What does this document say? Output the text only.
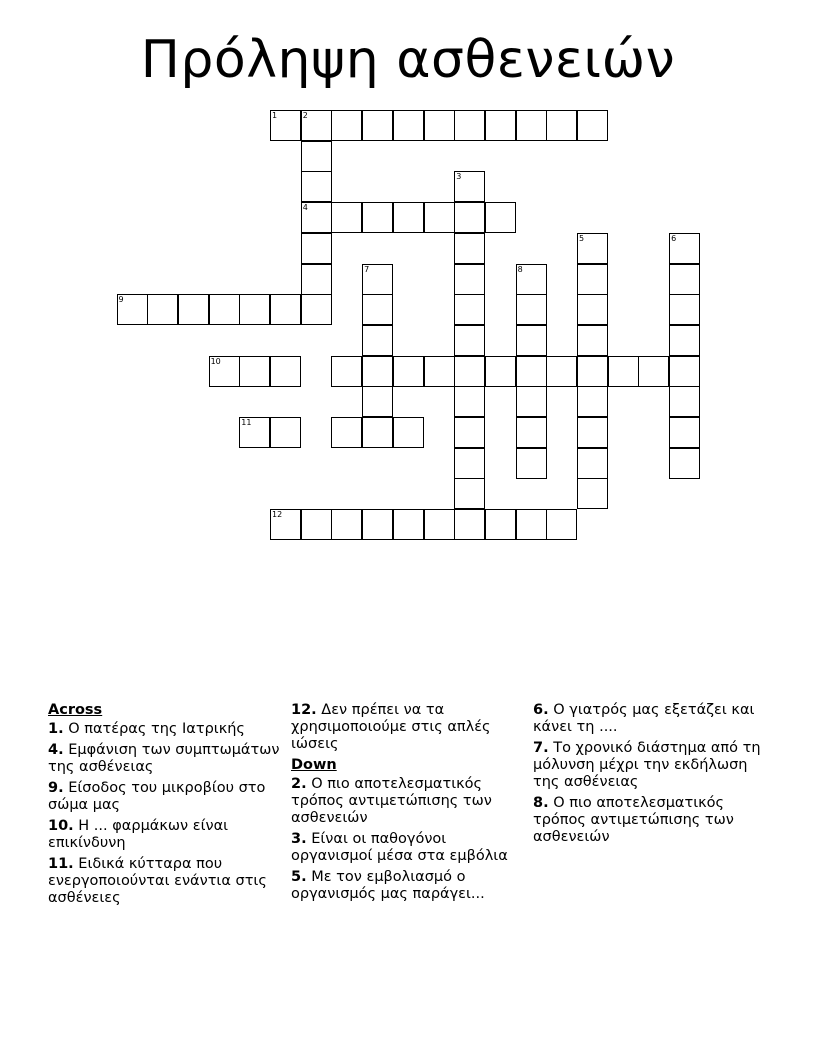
Πρόληψη ασθενειών
1	2
4
3
5	6
7	8
9
10
11
12
Across
1. Ο πατέρας της Ιατρικής
4. Εμφάνιση των συμπτωμάτων της ασθένειας
9. Είσοδος του μικροβίου στο σώμα μας
10. Η ... φαρμάκων είναι επικίνδυνη
11. Ειδικά κύτταρα που ενεργοποιούνται ενάντια στις ασθένειες
12. Δεν πρέπει να τα χρησιμοποιούμε στις απλές ιώσεις
Down
2. Ο πιο αποτελεσματικός τρόπος αντιμετώπισης των ασθενειών
3. Είναι οι παθογόνοι οργανισμοί μέσα στα εμβόλια
5. Με τον εμβολιασμό ο οργανισμός μας παράγει...
6. Ο γιατρός μας εξετάζει και κάνει τη ....
7. Το χρονικό διάστημα από τη μόλυνση μέχρι την εκδήλωση της ασθένειας
8. Ο πιο αποτελεσματικός τρόπος αντιμετώπισης των ασθενειών
